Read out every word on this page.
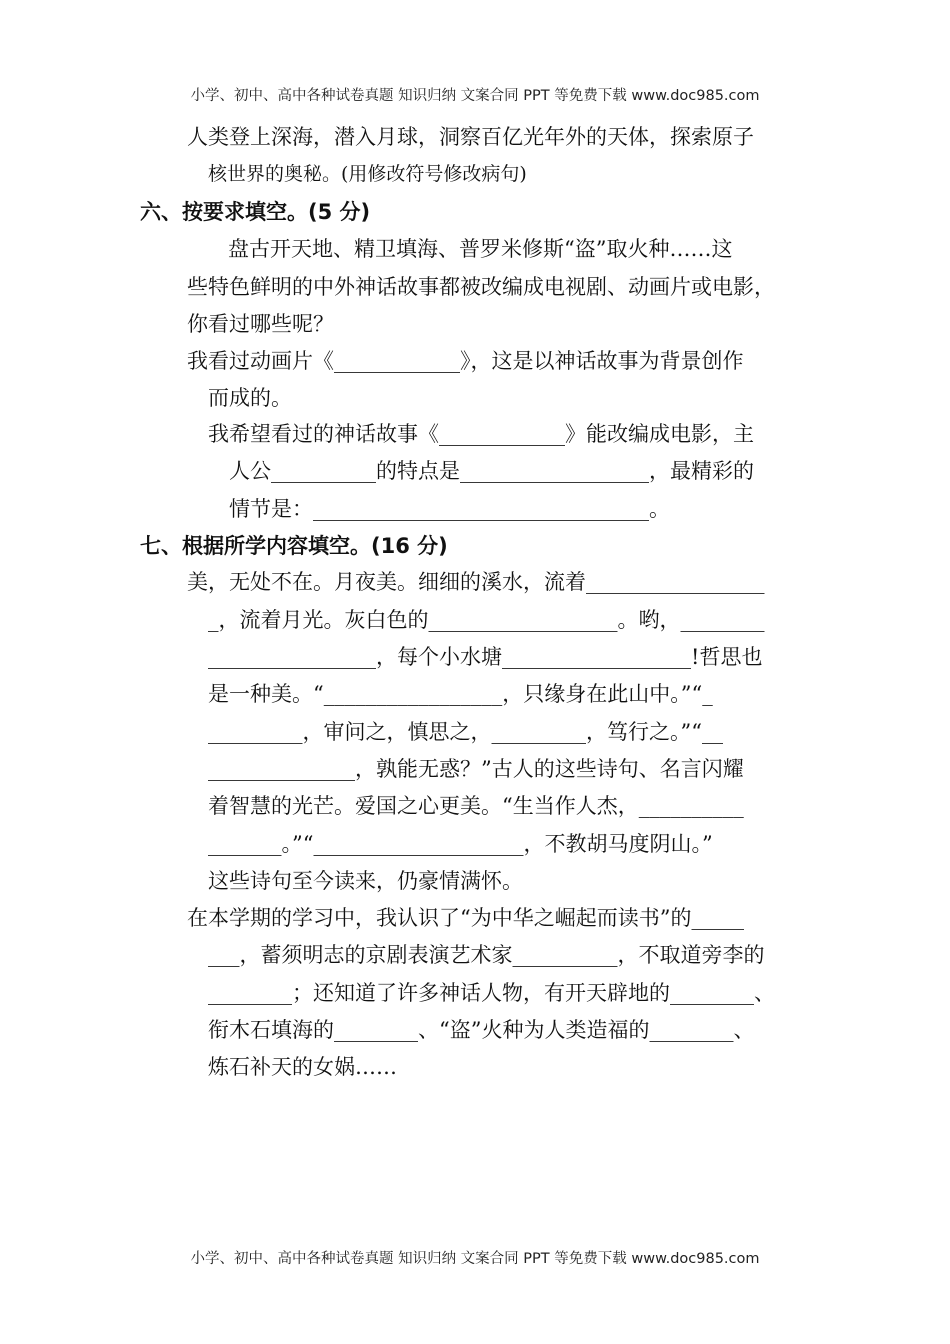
小学、初中、高中各种试卷真题 知识归纳 文案合同 PPT 等免费下载 www.doc985.com
人类登上深海，潜入月球，洞察百亿光年外的天体，探索原子
核世界的奥秘。(用修改符号修改病句)
六、按要求填空。(5 分)
盘古开天地、精卫填海、普罗米修斯“盗”取火种……这
些特色鲜明的中外神话故事都被改编成电视剧、动画片或电影，
你看过哪些呢？
我看过动画片《____________》，这是以神话故事为背景创作
而成的。
我希望看过的神话故事《____________》能改编成电影，主
人公__________的特点是__________________，最精彩的
情节是：________________________________。
七、根据所学内容填空。(16 分)
美，无处不在。月夜美。细细的溪水，流着_________________
_，流着月光。灰白色的__________________。哟，________
________________，每个小水塘__________________!哲思也
是一种美。“_________________，只缘身在此山中。”“_
_________，审问之，慎思之，_________，笃行之。”“__
______________，孰能无惑？”古人的这些诗句、名言闪耀
着智慧的光芒。爱国之心更美。“生当作人杰，__________
_______。”“____________________，不教胡马度阴山。”
这些诗句至今读来，仍豪情满怀。
在本学期的学习中，我认识了“为中华之崛起而读书”的_____
___，蓄须明志的京剧表演艺术家__________，不取道旁李的
________；还知道了许多神话人物，有开天辟地的________、
衔木石填海的________、“盗”火种为人类造福的________、
炼石补天的女娲……
小学、初中、高中各种试卷真题 知识归纳 文案合同 PPT 等免费下载 www.doc985.com
